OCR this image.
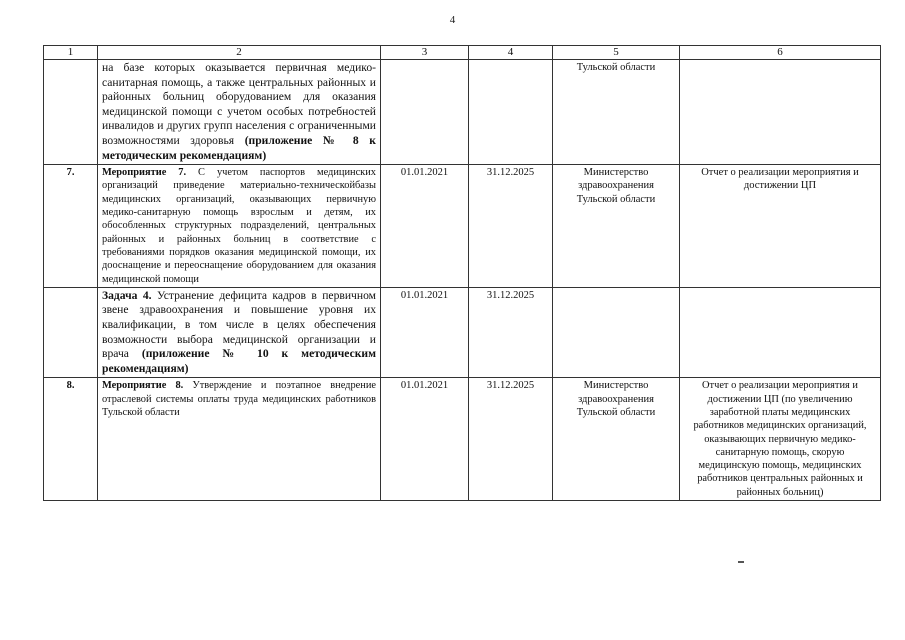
4
1	2	3	4	5	6
	на базе которых оказывается первичная медико-санитарная помощь, а также центральных районных и районных больниц оборудованием для оказания медицинской помощи с учетом особых потребностей инвалидов и других групп населения с ограниченными возможностями здоровья (приложение № 8 к методическим рекомендациям)			Тульской области	
7.	Мероприятие 7. С учетом паспортов медицинских организаций приведение материально-техническойбазы медицинских организаций, оказывающих первичную медико-санитарную помощь взрослым и детям, их обособленных структурных подразделений, центральных районных и районных больниц в соответствие с требованиями порядков оказания медицинской помощи, их дооснащение и переоснащение оборудованием для оказания медицинской помощи	01.01.2021	31.12.2025	Министерство здравоохранения Тульской области	Отчет о реализации мероприятия и достижении ЦП
	Задача 4. Устранение дефицита кадров в первичном звене здравоохранения и повышение уровня их квалификации, в том числе в целях обеспечения возможности выбора медицинской организации и врача (приложение № 10 к методическим рекомендациям)	01.01.2021	31.12.2025		
8.	Мероприятие 8. Утверждение и поэтапное внедрение отраслевой системы оплаты труда медицинских работников Тульской области	01.01.2021	31.12.2025	Министерство здравоохранения Тульской области	Отчет о реализации мероприятия и достижении ЦП (по увеличению заработной платы медицинских работников медицинских организаций, оказывающих первичную медико-санитарную помощь, скорую медицинскую помощь, медицинских работников центральных районных и районных больниц)
